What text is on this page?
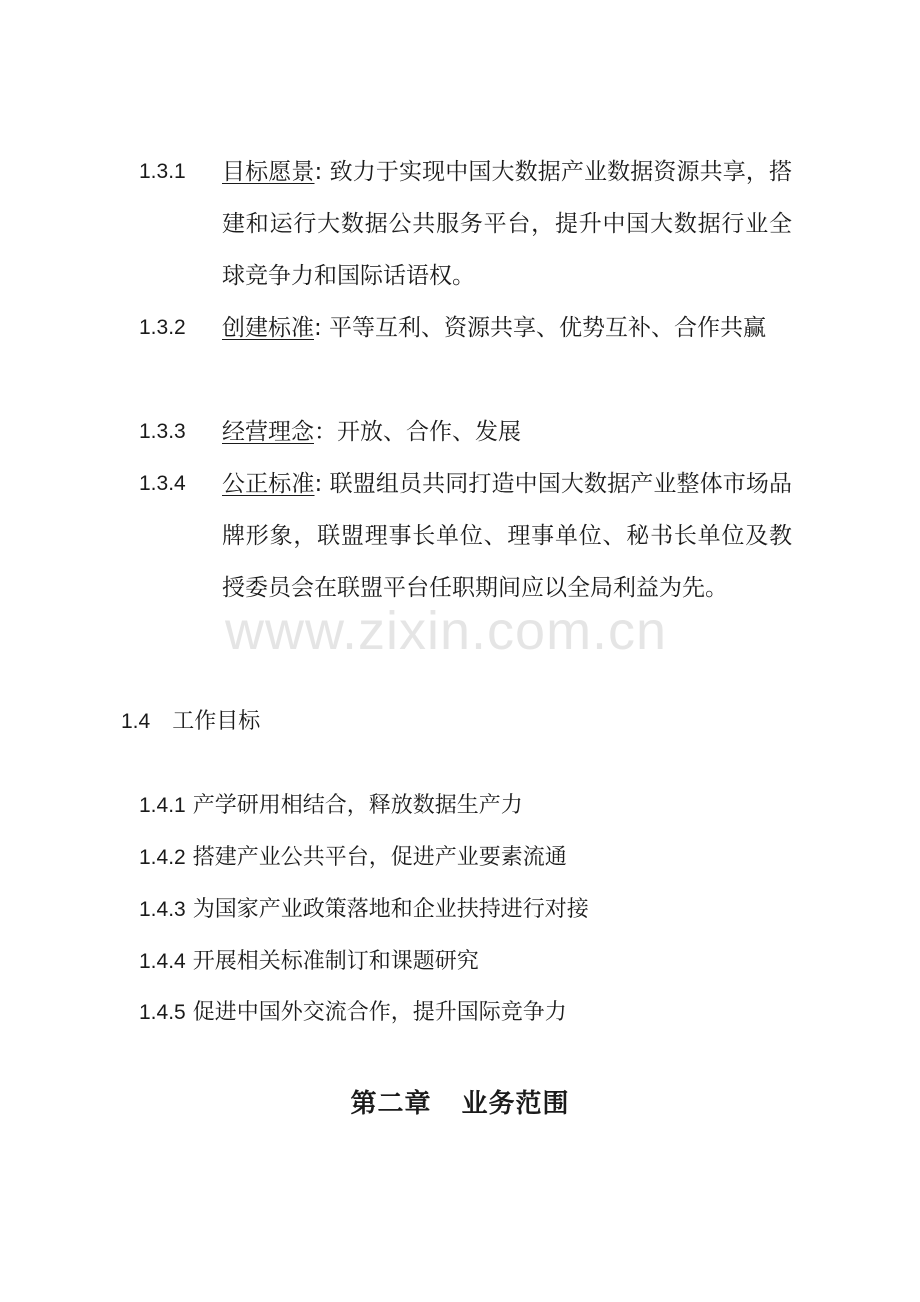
1.3.1 目标愿景: 致力于实现中国大数据产业数据资源共享，搭建和运行大数据公共服务平台，提升中国大数据行业全球竞争力和国际话语权。
1.3.2 创建标准: 平等互利、资源共享、优势互补、合作共赢
1.3.3 经营理念：开放、合作、发展
1.3.4 公正标准: 联盟组员共同打造中国大数据产业整体市场品牌形象，联盟理事长单位、理事单位、秘书长单位及教授委员会在联盟平台任职期间应以全局利益为先。
www.zixin.com.cn
1.4 工作目标
1.4.1 产学研用相结合，释放数据生产力
1.4.2 搭建产业公共平台，促进产业要素流通
1.4.3 为国家产业政策落地和企业扶持进行对接
1.4.4 开展相关标准制订和课题研究
1.4.5 促进中国外交流合作，提升国际竞争力
第二章 业务范围
